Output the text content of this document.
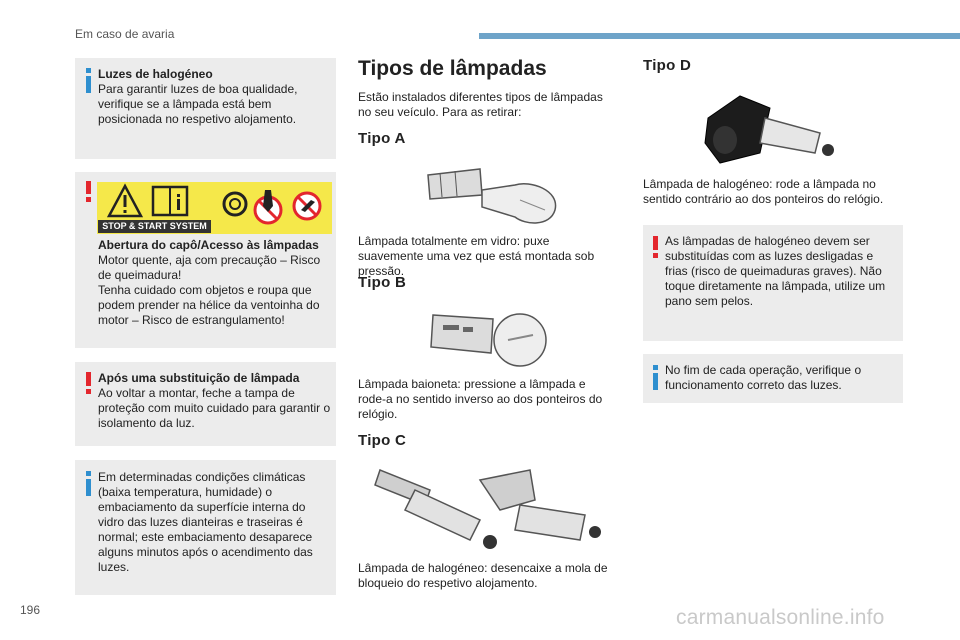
Em caso de avaria

Luzes de halogéneo

Para garantir luzes de boa qualidade, verifique se a lâmpada está bem posicionada no respetivo alojamento.

STOP & START SYSTEM

Abertura do capô/Acesso às lâmpadas

Motor quente, aja com precaução – Risco de queimadura!
Tenha cuidado com objetos e roupa que podem prender na hélice da ventoinha do motor – Risco de estrangulamento!

Após uma substituição de lâmpada

Ao voltar a montar, feche a tampa de proteção com muito cuidado para garantir o isolamento da luz.

Em determinadas condições climáticas (baixa temperatura, humidade) o embaciamento da superfície interna do vidro das luzes dianteiras e traseiras é normal; este embaciamento desaparece alguns minutos após o acendimento das luzes.

Tipos de lâmpadas

Estão instalados diferentes tipos de lâmpadas no seu veículo. Para as retirar:

Tipo A

Lâmpada totalmente em vidro: puxe suavemente uma vez que está montada sob pressão.

Tipo B

Lâmpada baioneta: pressione a lâmpada e rode-a no sentido inverso ao dos ponteiros do relógio.

Tipo C

Lâmpada de halogéneo: desencaixe a mola de bloqueio do respetivo alojamento.

Tipo D

Lâmpada de halogéneo: rode a lâmpada no sentido contrário ao dos ponteiros do relógio.

As lâmpadas de halogéneo devem ser substituídas com as luzes desligadas e frias (risco de queimaduras graves). Não toque diretamente na lâmpada, utilize um pano sem pelos.

No fim de cada operação, verifique o funcionamento correto das luzes.

196	carmanualsonline.info
